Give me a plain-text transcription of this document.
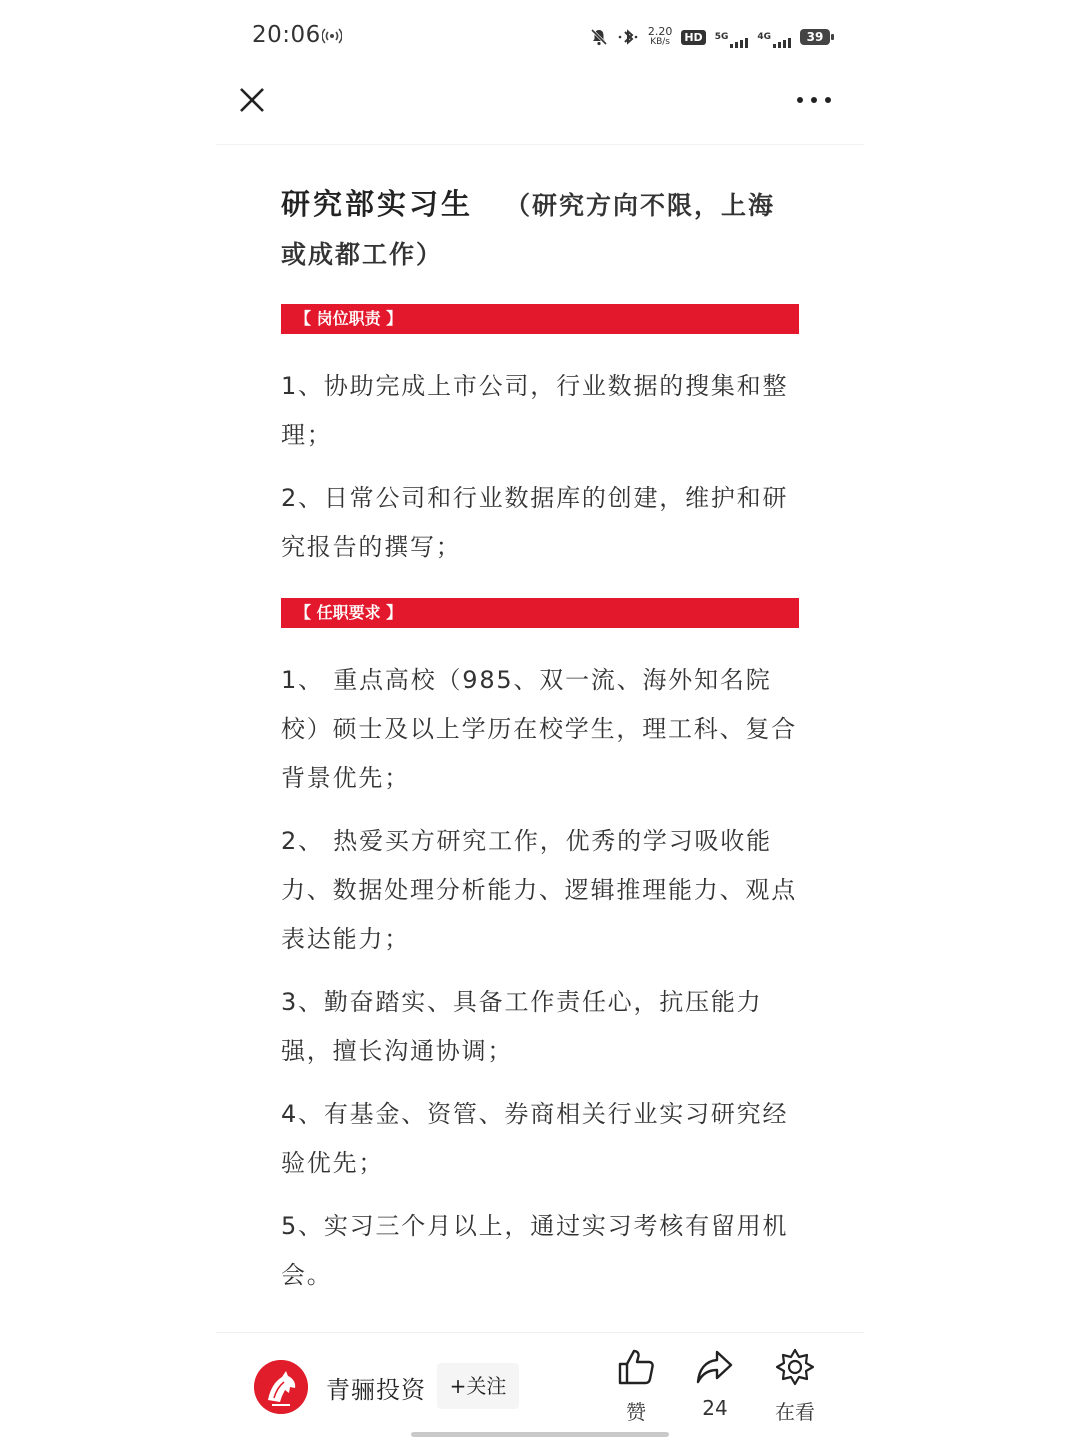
20:06	2.20
KB/s HD	5G	4G	39
研究部实习生 （研究方向不限，上海或成都工作）
【 岗位职责 】

1、协助完成上市公司，行业数据的搜集和整理；

2、日常公司和行业数据库的创建，维护和研究报告的撰写；

【 任职要求 】

1、 重点高校（985、双一流、海外知名院校）硕士及以上学历在校学生，理工科、复合背景优先；

2、 热爱买方研究工作，优秀的学习吸收能力、数据处理分析能力、逻辑推理能力、观点表达能力；

3、勤奋踏实、具备工作责任心，抗压能力强，擅长沟通协调；

4、有基金、资管、券商相关行业实习研究经验优先；

5、实习三个月以上，通过实习考核有留用机会。

青骊投资	+关注
赞	24	在看
